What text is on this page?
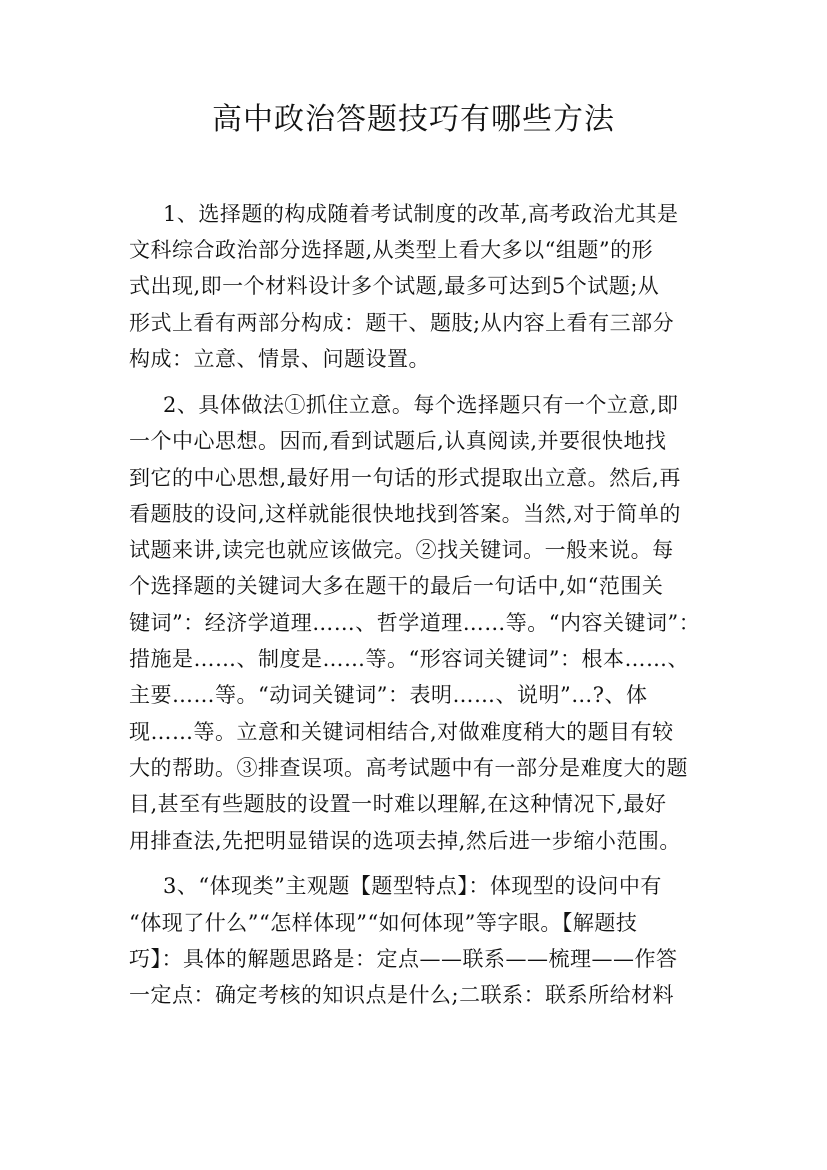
高中政治答题技巧有哪些方法
1、选择题的构成随着考试制度的改革,高考政治尤其是
文科综合政治部分选择题,从类型上看大多以“组题”的形
式出现,即一个材料设计多个试题,最多可达到5个试题;从
形式上看有两部分构成：题干、题肢;从内容上看有三部分
构成：立意、情景、问题设置。
2、具体做法①抓住立意。每个选择题只有一个立意,即
一个中心思想。因而,看到试题后,认真阅读,并要很快地找
到它的中心思想,最好用一句话的形式提取出立意。然后,再
看题肢的设问,这样就能很快地找到答案。当然,对于简单的
试题来讲,读完也就应该做完。②找关键词。一般来说。每
个选择题的关键词大多在题干的最后一句话中,如“范围关
键词”：经济学道理……、哲学道理……等。“内容关键词”：
措施是……、制度是……等。“形容词关键词”：根本……、
主要……等。“动词关键词”：表明……、说明”…?、体
现……等。立意和关键词相结合,对做难度稍大的题目有较
大的帮助。③排查误项。高考试题中有一部分是难度大的题
目,甚至有些题肢的设置一时难以理解,在这种情况下,最好
用排查法,先把明显错误的选项去掉,然后进一步缩小范围。
3、“体现类”主观题【题型特点】：体现型的设问中有
“体现了什么”“怎样体现”“如何体现”等字眼。【解题技
巧】：具体的解题思路是：定点——联系——梳理——作答
一定点：确定考核的知识点是什么;二联系：联系所给材料
